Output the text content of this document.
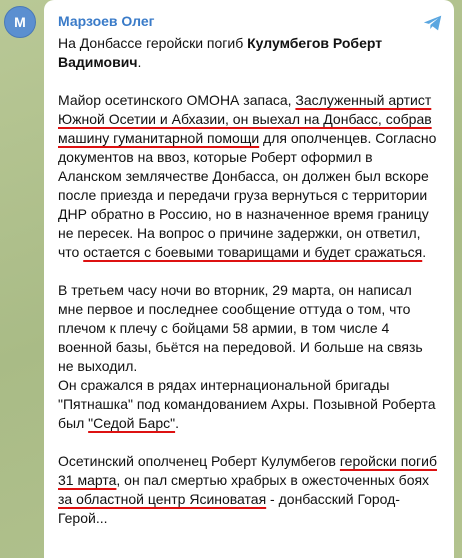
М Марзоев Олег

На Донбассе геройски погиб Кулумбегов Роберт Вадимович.

Майор осетинского ОМОНА запаса, Заслуженный артист Южной Осетии и Абхазии, он выехал на Донбасс, собрав машину гуманитарной помощи для ополченцев. Согласно документов на ввоз, которые Роберт оформил в Аланском землячестве Донбасса, он должен был вскоре после приезда и передачи груза вернуться с территории ДНР обратно в Россию, но в назначенное время границу не пересек. На вопрос о причине задержки, он ответил, что остается с боевыми товарищами и будет сражаться.

В третьем часу ночи во вторник, 29 марта, он написал мне первое и последнее сообщение оттуда о том, что плечом к плечу с бойцами 58 армии, в том числе 4 военной базы, бьётся на передовой. И больше на связь не выходил.

Он сражался в рядах интернациональной бригады "Пятнашка" под командованием Ахры. Позывной Роберта был "Седой Барс".

Осетинский ополченец Роберт Кулумбегов геройски погиб 31 марта, он пал смертью храбрых в ожесточенных боях за областной центр Ясиноватая - донбасский Город-Герой...
